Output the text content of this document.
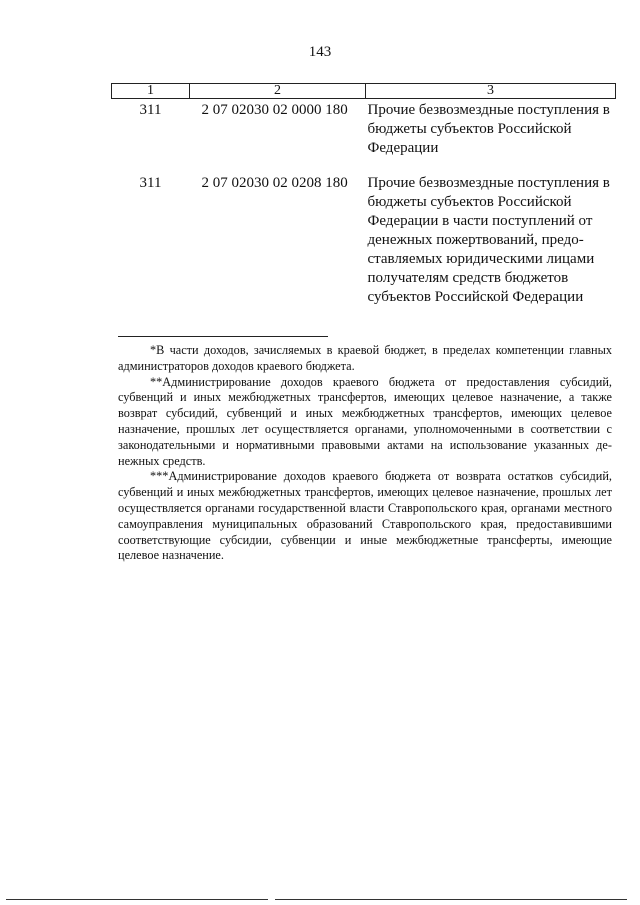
143
1	2	3
311	2 07 02030 02 0000 180	Прочие безвозмездные поступления в бюджеты субъектов Российской Федерации
311	2 07 02030 02 0208 180	Прочие безвозмездные поступления в бюджеты субъектов Российской Федерации в части поступлений от денежных пожертвований, предоставляемых юридическими лицами получателям средств бюджетов субъектов Российской Федерации

*В части доходов, зачисляемых в краевой бюджет, в пределах компетенции главных администраторов доходов краевого бюджета.

**Администрирование доходов краевого бюджета от предоставления субсидий, субвенций и иных межбюджетных трансфертов, имеющих целевое назначение, а также возврат субсидий, субвенций и иных межбюджетных трансфертов, имеющих целевое назначение, прошлых лет осуществляется органами, уполномоченными в соответствии с законодательными и нормативными правовыми актами на использование указанных денежных средств.

***Администрирование доходов краевого бюджета от возврата остатков субсидий, субвенций и иных межбюджетных трансфертов, имеющих целевое назначение, прошлых лет осуществляется органами государственной власти Ставропольского края, органами местного самоуправления муниципальных образований Ставропольского края, предоставившими соответствующие субсидии, субвенции и иные межбюджетные трансферты, имеющие целевое назначение.
